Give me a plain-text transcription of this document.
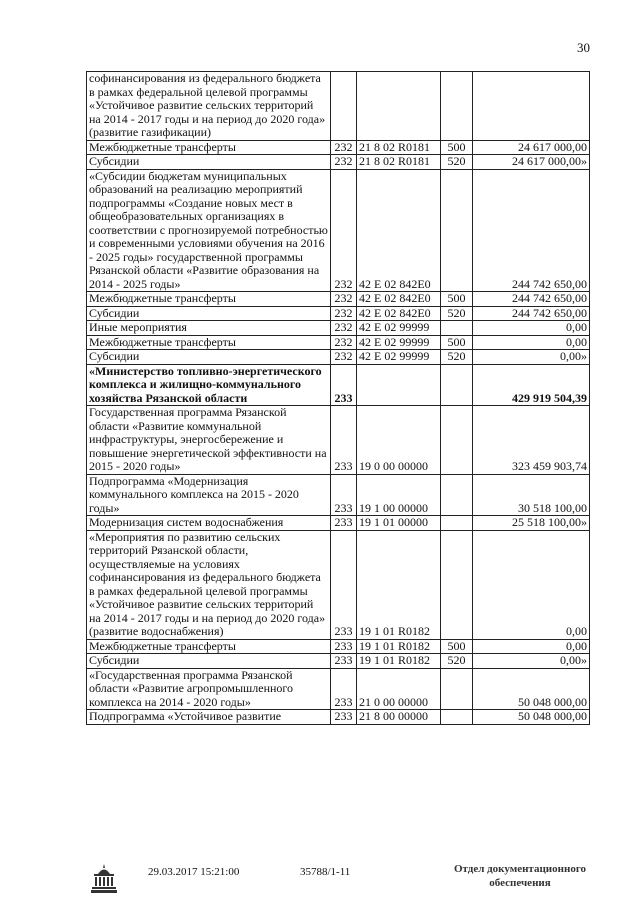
30
софинансирования из федерального бюджета в рамках федеральной целевой программы «Устойчивое развитие сельских территорий на 2014 - 2017 годы и на период до 2020 года» (развитие газификации)				
Межбюджетные трансферты	232	21 8 02 R0181	500	24 617 000,00
Субсидии	232	21 8 02 R0181	520	24 617 000,00»
«Субсидии бюджетам муниципальных образований на реализацию мероприятий подпрограммы «Создание новых мест в общеобразовательных организациях в соответствии с прогнозируемой потребностью и современными условиями обучения на 2016 - 2025 годы» государственной программы Рязанской области «Развитие образования на 2014 - 2025 годы»	232	42 Е 02 842Е0		244 742 650,00
Межбюджетные трансферты	232	42 Е 02 842Е0	500	244 742 650,00
Субсидии	232	42 Е 02 842Е0	520	244 742 650,00
Иные мероприятия	232	42 Е 02 99999		0,00
Межбюджетные трансферты	232	42 Е 02 99999	500	0,00
Субсидии	232	42 Е 02 99999	520	0,00»
«Министерство топливно-энергетического комплекса и жилищно-коммунального хозяйства Рязанской области	233			429 919 504,39
Государственная программа Рязанской области «Развитие коммунальной инфраструктуры, энергосбережение и повышение энергетической эффективности на 2015 - 2020 годы»	233	19 0 00 00000		323 459 903,74
Подпрограмма «Модернизация коммунального комплекса на 2015 - 2020 годы»	233	19 1 00 00000		30 518 100,00
Модернизация систем водоснабжения	233	19 1 01 00000		25 518 100,00»
«Мероприятия по развитию сельских территорий Рязанской области, осуществляемые на условиях софинансирования из федерального бюджета в рамках федеральной целевой программы «Устойчивое развитие сельских территорий на 2014 - 2017 годы и на период до 2020 года» (развитие водоснабжения)	233	19 1 01 R0182		0,00
Межбюджетные трансферты	233	19 1 01 R0182	500	0,00
Субсидии	233	19 1 01 R0182	520	0,00»
«Государственная программа Рязанской области «Развитие агропромышленного комплекса на 2014 - 2020 годы»	233	21 0 00 00000		50 048 000,00
Подпрограмма «Устойчивое развитие	233	21 8 00 00000		50 048 000,00
29.03.2017 15:21:00	35788/1-11	Отдел документационного обеспечения
